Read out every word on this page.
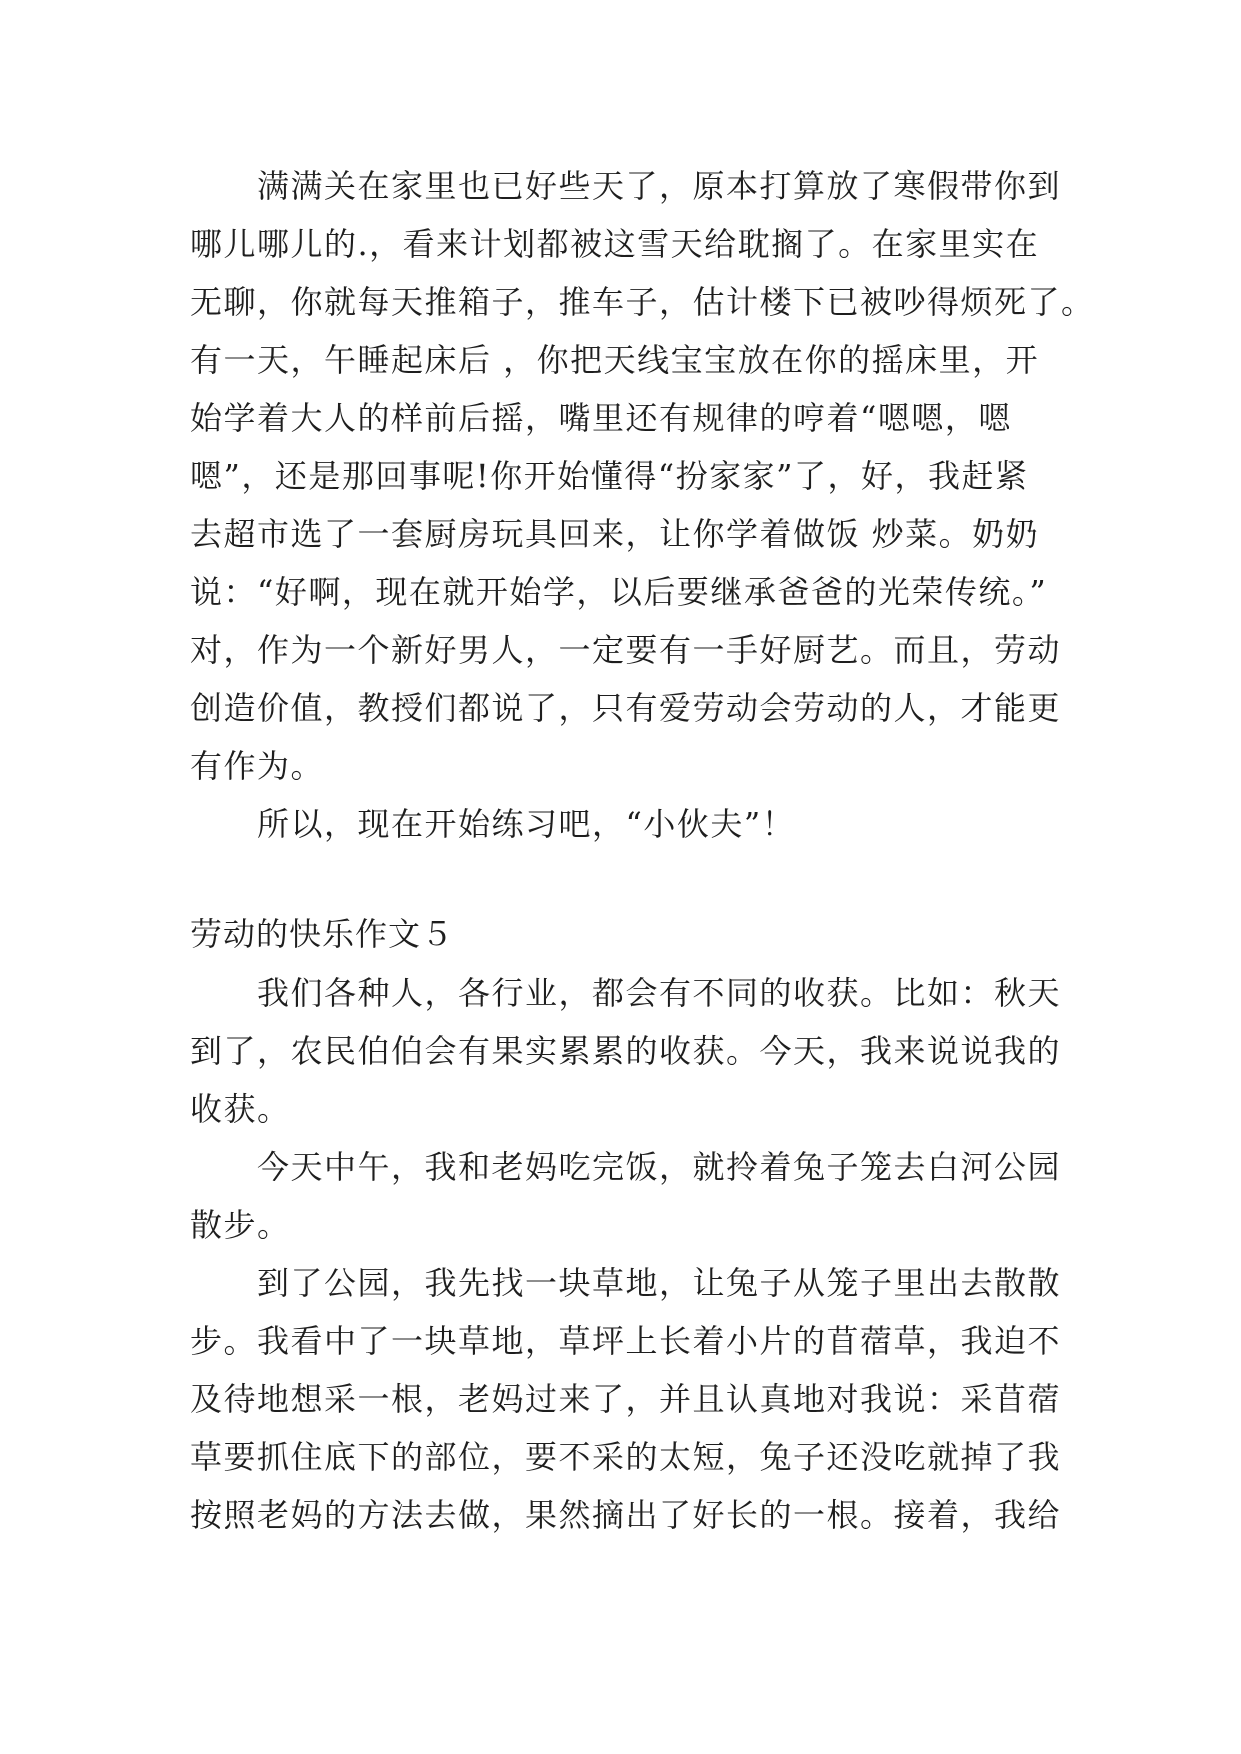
满满关在家里也已好些天了，原本打算放了寒假带你到
哪儿哪儿的.，看来计划都被这雪天给耽搁了。在家里实在
无聊，你就每天推箱子，推车子，估计楼下已被吵得烦死了。
有一天，午睡起床后 ，你把天线宝宝放在你的摇床里，开
始学着大人的样前后摇，嘴里还有规律的哼着“嗯嗯，嗯
嗯”，还是那回事呢!你开始懂得“扮家家”了，好，我赶紧
去超市选了一套厨房玩具回来，让你学着做饭 炒菜。奶奶
说：“好啊，现在就开始学，以后要继承爸爸的光荣传统。”
对，作为一个新好男人，一定要有一手好厨艺。而且，劳动
创造价值，教授们都说了，只有爱劳动会劳动的人，才能更
有作为。
所以，现在开始练习吧，“小伙夫”！
劳动的快乐作文５
我们各种人，各行业，都会有不同的收获。比如：秋天
到了，农民伯伯会有果实累累的收获。今天，我来说说我的
收获。
今天中午，我和老妈吃完饭，就拎着兔子笼去白河公园
散步。
到了公园，我先找一块草地，让兔子从笼子里出去散散
步。我看中了一块草地，草坪上长着小片的苜蓿草，我迫不
及待地想采一根，老妈过来了，并且认真地对我说：采苜蓿
草要抓住底下的部位，要不采的太短，兔子还没吃就掉了我
按照老妈的方法去做，果然摘出了好长的一根。接着，我给
